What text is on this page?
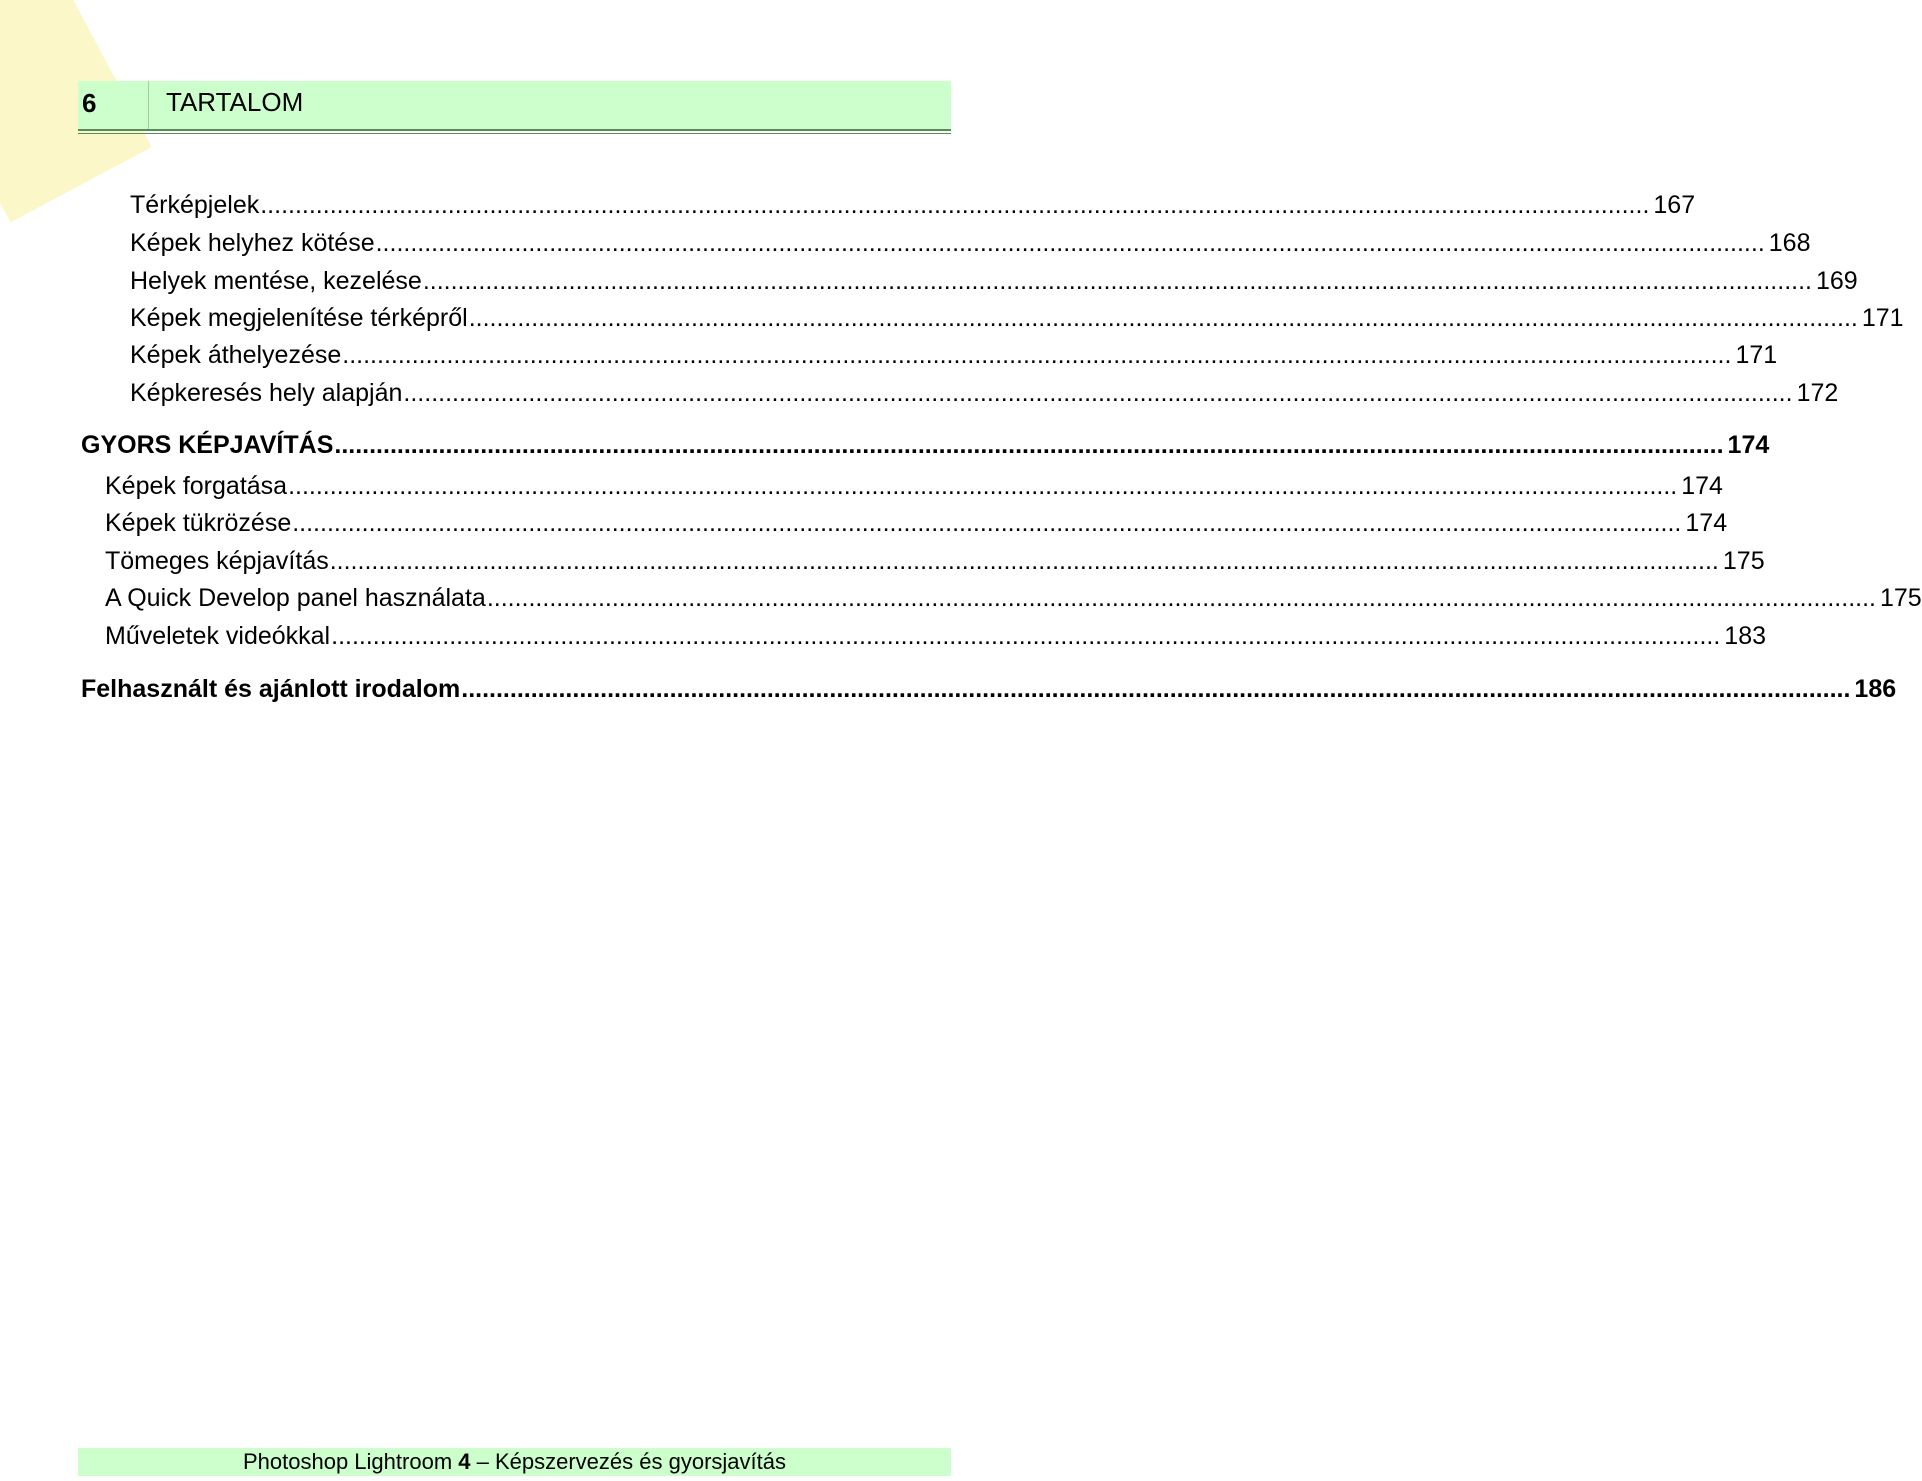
6	TARTALOM
Térképjelek ........................................................................................................................................................................................................ 167
Képek helyhez kötése ........................................................................................................................................................................................................ 168
Helyek mentése, kezelése ........................................................................................................................................................................................................ 169
Képek megjelenítése térképről ........................................................................................................................................................................................................ 171
Képek áthelyezése ........................................................................................................................................................................................................ 171
Képkeresés hely alapján ........................................................................................................................................................................................................ 172
GYORS KÉPJAVÍTÁS ........................................................................................................................................................................................................ 174
Képek forgatása ........................................................................................................................................................................................................ 174
Képek tükrözése ........................................................................................................................................................................................................ 174
Tömeges képjavítás ........................................................................................................................................................................................................ 175
A Quick Develop panel használata ........................................................................................................................................................................................................ 175
Műveletek videókkal ........................................................................................................................................................................................................ 183
Felhasznált és ajánlott irodalom ........................................................................................................................................................................................................ 186
Photoshop Lightroom 4 – Képszervezés és gyorsjavítás
